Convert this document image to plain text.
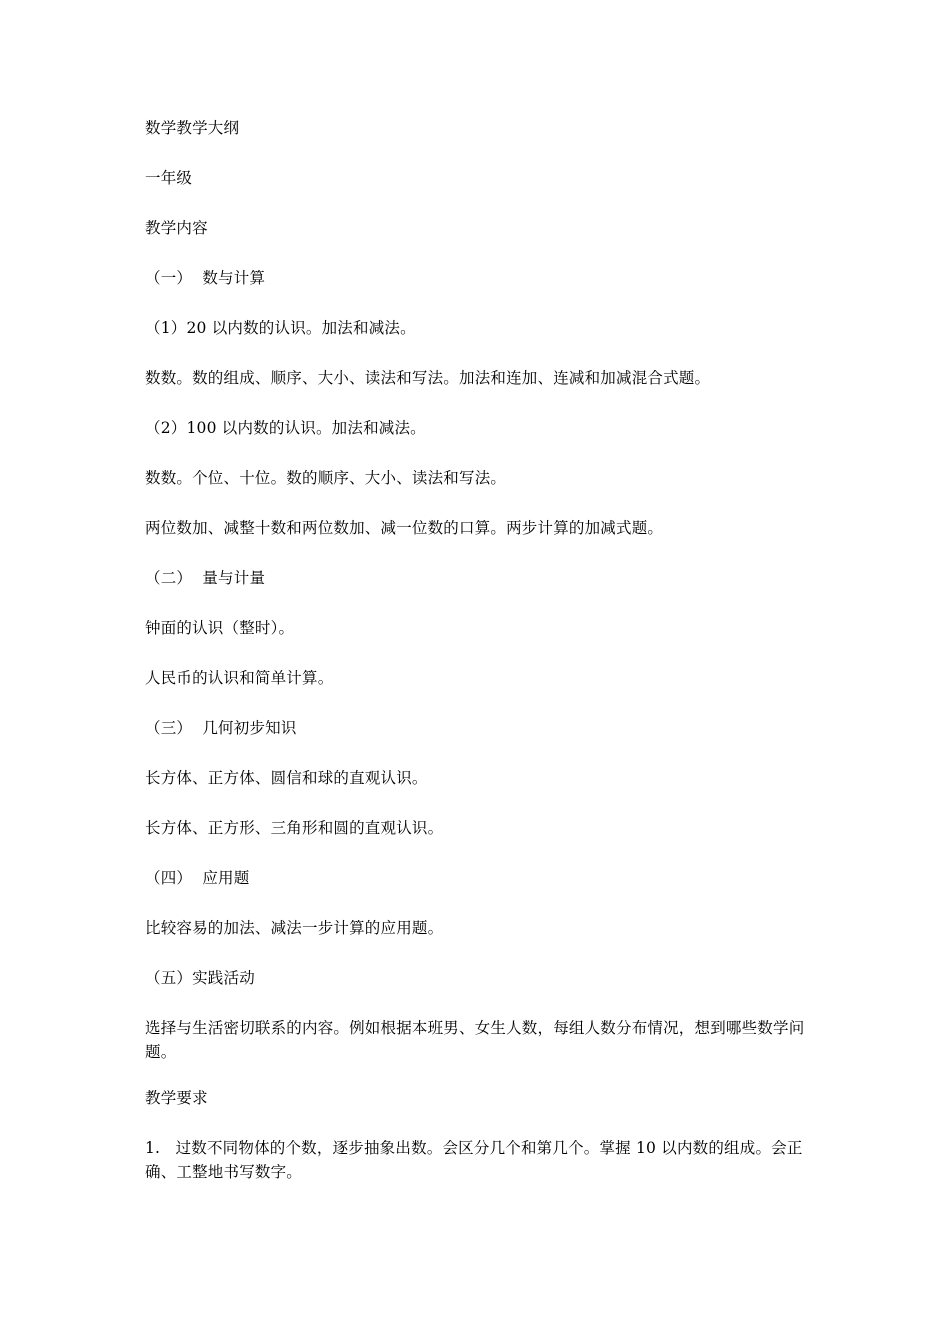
数学教学大纲

一年级

教学内容

（一）  数与计算

（1）20 以内数的认识。加法和减法。

数数。数的组成、顺序、大小、读法和写法。加法和连加、连减和加减混合式题。

（2）100 以内数的认识。加法和减法。

数数。个位、十位。数的顺序、大小、读法和写法。

两位数加、减整十数和两位数加、减一位数的口算。两步计算的加减式题。

（二）  量与计量

钟面的认识（整时）。

人民币的认识和简单计算。

（三）  几何初步知识

长方体、正方体、圆信和球的直观认识。

长方体、正方形、三角形和圆的直观认识。

（四）  应用题

比较容易的加法、减法一步计算的应用题。

（五）实践活动

选择与生活密切联系的内容。例如根据本班男、女生人数，每组人数分布情况，想到哪些数学问题。

教学要求

1.   过数不同物体的个数，逐步抽象出数。会区分几个和第几个。掌握 10 以内数的组成。会正确、工整地书写数字。
